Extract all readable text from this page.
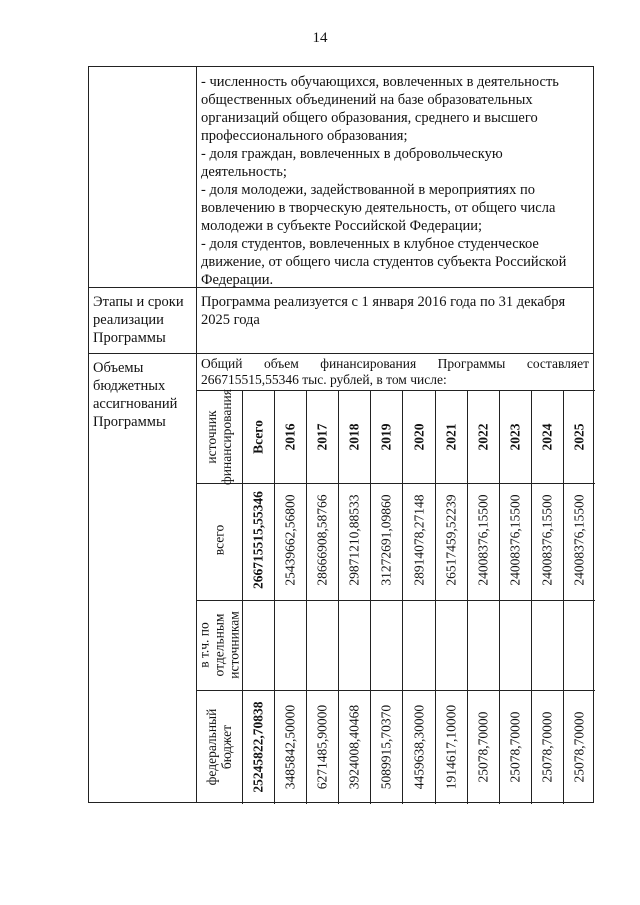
14
- численность обучающихся, вовлеченных в деятельность
общественных объединений на базе образовательных
организаций общего образования, среднего и высшего
профессионального образования;
- доля граждан, вовлеченных в добровольческую
деятельность;
- доля молодежи, задействованной в мероприятиях по
вовлечению в творческую деятельность, от общего числа
молодежи в субъекте Российской Федерации;
- доля студентов, вовлеченных в клубное студенческое
движение, от общего числа студентов субъекта Российской
Федерации.
Этапы и сроки
реализации
Программы
Программа реализуется с 1 января 2016 года по 31 декабря
2025 года
Объемы
бюджетных
ассигнований
Программы
Общий объем финансирования Программы составляет
266715515,55346 тыс. рублей, в том числе:
источник финансирования
всего
в т.ч. по отдельным источникам
федеральный бюджет
Всего
266715515,55346
25245822,70838
2016
25439662,56800
3485842,50000
2017
28666908,58766
6271485,90000
2018
29871210,88533
3924008,40468
2019
31272691,09860
5089915,70370
2020
28914078,27148
4459638,30000
2021
26517459,52239
1914617,10000
2022
24008376,15500
25078,70000
2023
24008376,15500
25078,70000
2024
24008376,15500
25078,70000
2025
24008376,15500
25078,70000
